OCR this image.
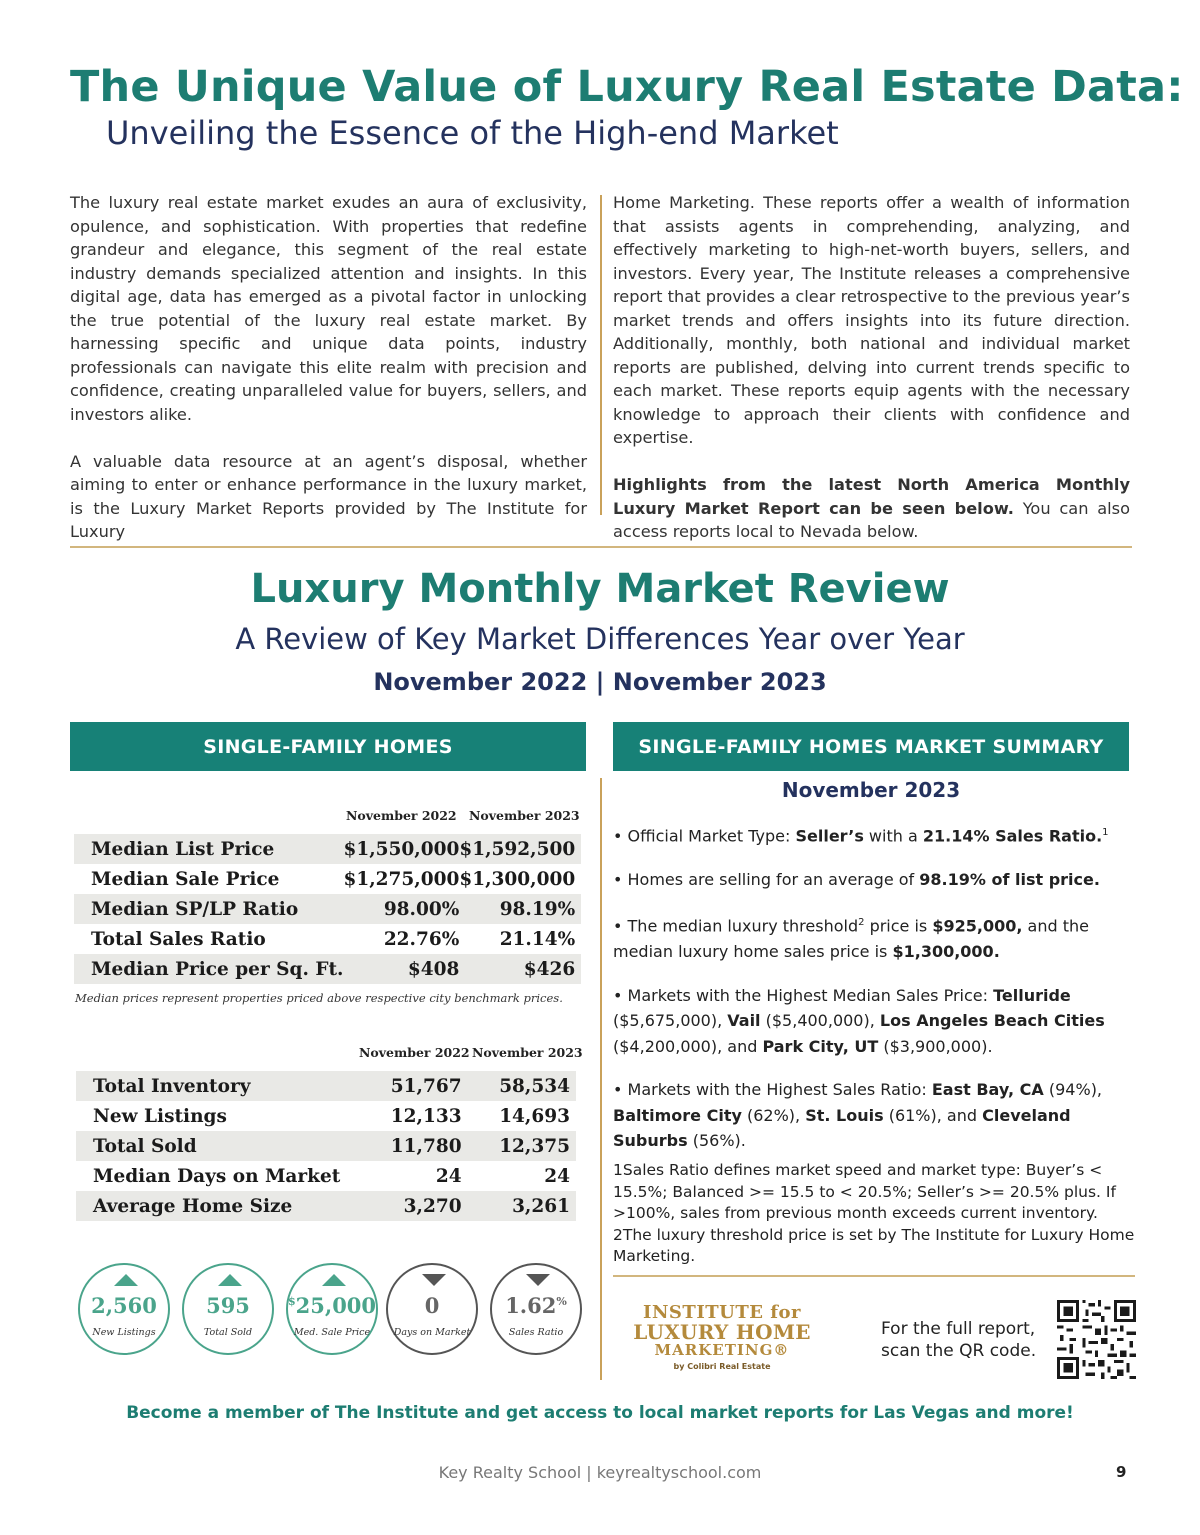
The Unique Value of Luxury Real Estate Data:
Unveiling the Essence of the High-end Market

The luxury real estate market exudes an aura of exclusivity, opulence, and sophistication. With properties that redefine grandeur and elegance, this segment of the real estate industry demands specialized attention and insights. In this digital age, data has emerged as a pivotal factor in unlocking the true potential of the luxury real estate market. By harnessing specific and unique data points, industry professionals can navigate this elite realm with precision and confidence, creating unparalleled value for buyers, sellers, and investors alike.

A valuable data resource at an agent’s disposal, whether aiming to enter or enhance performance in the luxury market, is the Luxury Market Reports provided by The Institute for Luxury

Home Marketing. These reports offer a wealth of information that assists agents in comprehending, analyzing, and effectively marketing to high-net-worth buyers, sellers, and investors. Every year, The Institute releases a comprehensive report that provides a clear retrospective to the previous year’s market trends and offers insights into its future direction. Additionally, monthly, both national and individual market reports are published, delving into current trends specific to each market. These reports equip agents with the necessary knowledge to approach their clients with confidence and expertise.

Highlights from the latest North America Monthly Luxury Market Report can be seen below. You can also access reports local to Nevada below.

Luxury Monthly Market Review
A Review of Key Market Differences Year over Year
November 2022 | November 2023
SINGLE-FAMILY HOMES	SINGLE-FAMILY HOMES MARKET SUMMARY
November 2022 November 2023
Median List Price	$1,550,000	$1,592,500
Median Sale Price	$1,275,000	$1,300,000
Median SP/LP Ratio	98.00%	98.19%
Total Sales Ratio	22.76%	21.14%
Median Price per Sq. Ft.	$408	$426
Median prices represent properties priced above respective city benchmark prices.
November 2022 November 2023
Total Inventory	51,767	58,534
New Listings	12,133	14,693
Total Sold	11,780	12,375
Median Days on Market	24	24
Average Home Size	3,270	3,261
2,560
New Listings
595
Total Sold
$25,000
Med. Sale Price
0
Days on Market
1.62%
Sales Ratio
November 2023

• Official Market Type: Seller’s with a 21.14% Sales Ratio.$^1$

• Homes are selling for an average of 98.19% of list price.

• The median luxury threshold$^2$ price is $925,000, and the median luxury home sales price is $1,300,000.

• Markets with the Highest Median Sales Price: Telluride ($5,675,000), Vail ($5,400,000), Los Angeles Beach Cities ($4,200,000), and Park City, UT ($3,900,000).

• Markets with the Highest Sales Ratio: East Bay, CA (94%), Baltimore City (62%), St. Louis (61%), and Cleveland Suburbs (56%).

1Sales Ratio defines market speed and market type: Buyer’s < 15.5%; Balanced >= 15.5 to < 20.5%; Seller’s >= 20.5% plus. If >100%, sales from previous month exceeds current inventory.
2The luxury threshold price is set by The Institute for Luxury Home Marketing.
INSTITUTE for
LUXURY HOME
MARKETING®
by Colibri Real Estate
For the full report,
scan the QR code.
Become a member of The Institute and get access to local market reports for Las Vegas and more!
Key Realty School | keyrealtyschool.com	9
